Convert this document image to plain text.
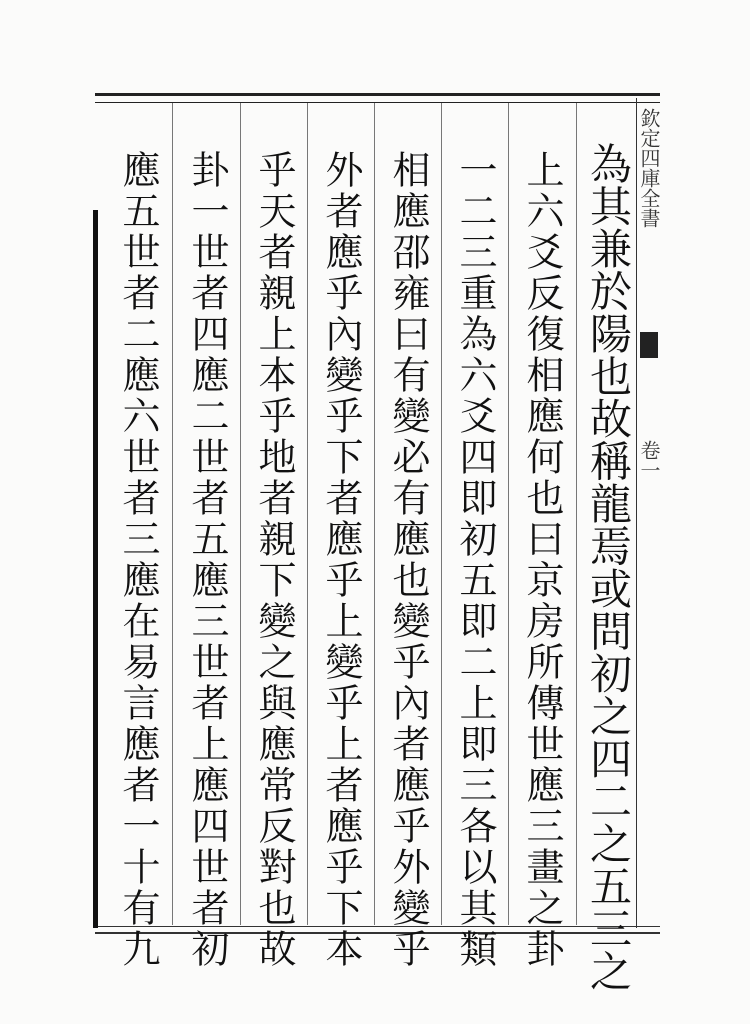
欽定四庫全書
卷一
為其兼於陽也故稱龍焉或問初之四二之五三之
上六爻反復相應何也曰京房所傳世應三畫之卦
一二三重為六爻四即初五即二上即三各以其類
相應邵雍曰有變必有應也變乎內者應乎外變乎
外者應乎內變乎下者應乎上變乎上者應乎下本
乎天者親上本乎地者親下變之與應常反對也故
卦一世者四應二世者五應三世者上應四世者初
應五世者二應六世者三應在易言應者一十有九
